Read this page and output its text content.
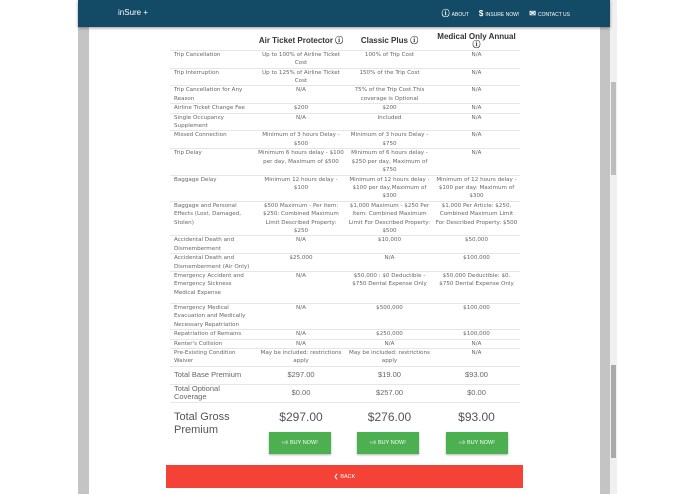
inSure +	ⓘ ABOUT $ INSURE NOW! ✉ CONTACT US
	Air Ticket Protector ⓘ	Classic Plus ⓘ	Medical Only Annual ⓘ
Trip Cancellation	Up to 100% of Airline Ticket Cost	100% of Trip Cost	N/A
Trip Interruption	Up to 125% of Airline Ticket Cost	150% of the Trip Cost	N/A
Trip Cancellation for Any Reason	N/A	75% of the Trip Cost.This coverage is Optional	N/A
Airline Ticket Change Fee	$200	$200	N/A
Single Occupancy Supplement	N/A	Included	N/A
Missed Connection	Minimum of 3 hours Delay - $500	Minimum of 3 hours Delay - $750	N/A
Trip Delay	Minimum 6 hours delay - $100 per day, Maximum of $500	Minimum of 6 hours delay - $250 per day, Maximum of $750	N/A
Baggage Delay	Minimum 12 hours delay - $100	Minimum of 12 hours delay - $100 per day,Maximum of $300	Minimum of 12 hours delay - $100 per day: Maximum of $300
Baggage and Personal Effects (Lost, Damaged, Stolen)	$500 Maximum - Per item: $250: Combined Maximum Limit Described Property: $250	$1,000 Maximum - $250 Per Item: Combined Maximum Limit For Described Property: $500	$1,000 Per Article: $250, Combined Maximum Limit For Described Property: $500
Accidental Death and Dismemberment	N/A	$10,000	$50,000
Accidental Death and Dismemberment (Air Only)	$25,000	N/A	$100,000
Emergency Accident and Emergency Sickness Medical Expense	N/A	$50,000 : $0 Deductible - $750 Dental Expense Only	$50,000 Deductible: $0. $750 Dental Expense Only
Emergency Medical Evacuation and Medically Necessary Repatriation	N/A	$500,000	$100,000
Repatriation of Remains	N/A	$250,000	$100,000
Renter's Collision	N/A	N/A	N/A
Pre-Existing Condition Waiver	May be included: restrictions apply	May be included: restrictions apply	N/A
Total Base Premium	$297.00	$19.00	$93.00
Total Optional Coverage	$0.00	$257.00	$0.00
Total Gross Premium	$297.00	$276.00	$93.00
👍︎ BUY NOW!	👍︎ BUY NOW!	👍︎ BUY NOW!
❮ BACK
